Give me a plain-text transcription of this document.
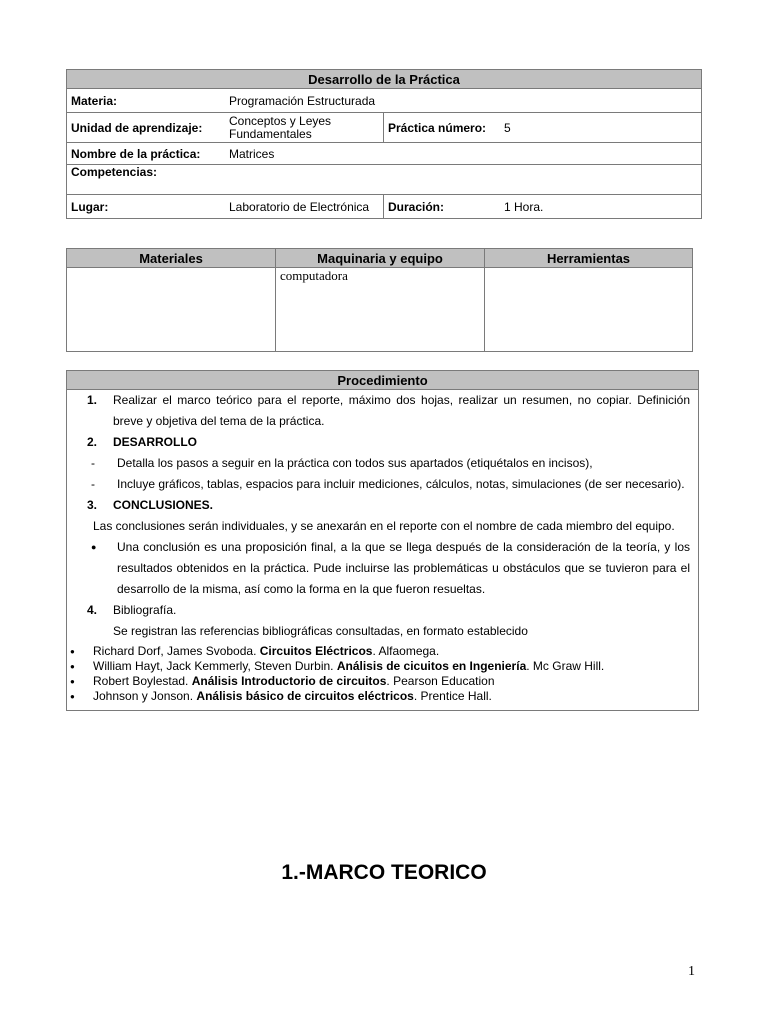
Desarrollo de la Práctica			
Materia:	Programación Estructurada		
Unidad de aprendizaje:	Conceptos y Leyes Fundamentales	Práctica número:	5
Nombre de la práctica:	Matrices		
Competencias:			
Lugar:	Laboratorio de Electrónica	Duración:	1 Hora.
Materiales	Maquinaria y equipo	Herramientas
	computadora	
Procedimiento

1.	Realizar el marco teórico para el reporte, máximo dos hojas, realizar un resumen, no copiar. Definición breve y objetiva del tema de la práctica.
2.	DESARROLLO
-	Detalla los pasos a seguir en la práctica con todos sus apartados (etiquétalos en incisos),
-	Incluye gráficos, tablas, espacios para incluir mediciones, cálculos, notas, simulaciones (de ser necesario).
3.	CONCLUSIONES.
Las conclusiones serán individuales, y se anexarán en el reporte con el nombre de cada miembro del equipo.
●	Una conclusión es una proposición final, a la que se llega después de la consideración de la teoría, y los resultados obtenidos en la práctica. Pude incluirse las problemáticas u obstáculos que se tuvieron para el desarrollo de la misma, así como la forma en la que fueron resueltas.
4.	Bibliografía.
Se registran las referencias bibliográficas consultadas, en formato establecido
● Richard Dorf, James Svoboda. Circuitos Eléctricos. Alfaomega.
● William Hayt, Jack Kemmerly, Steven Durbin. Análisis de cicuitos en Ingeniería. Mc Graw Hill.
● Robert Boylestad. Análisis Introductorio de circuitos. Pearson Education
● Johnson y Jonson. Análisis básico de circuitos eléctricos. Prentice Hall.
1.-MARCO TEORICO
1
